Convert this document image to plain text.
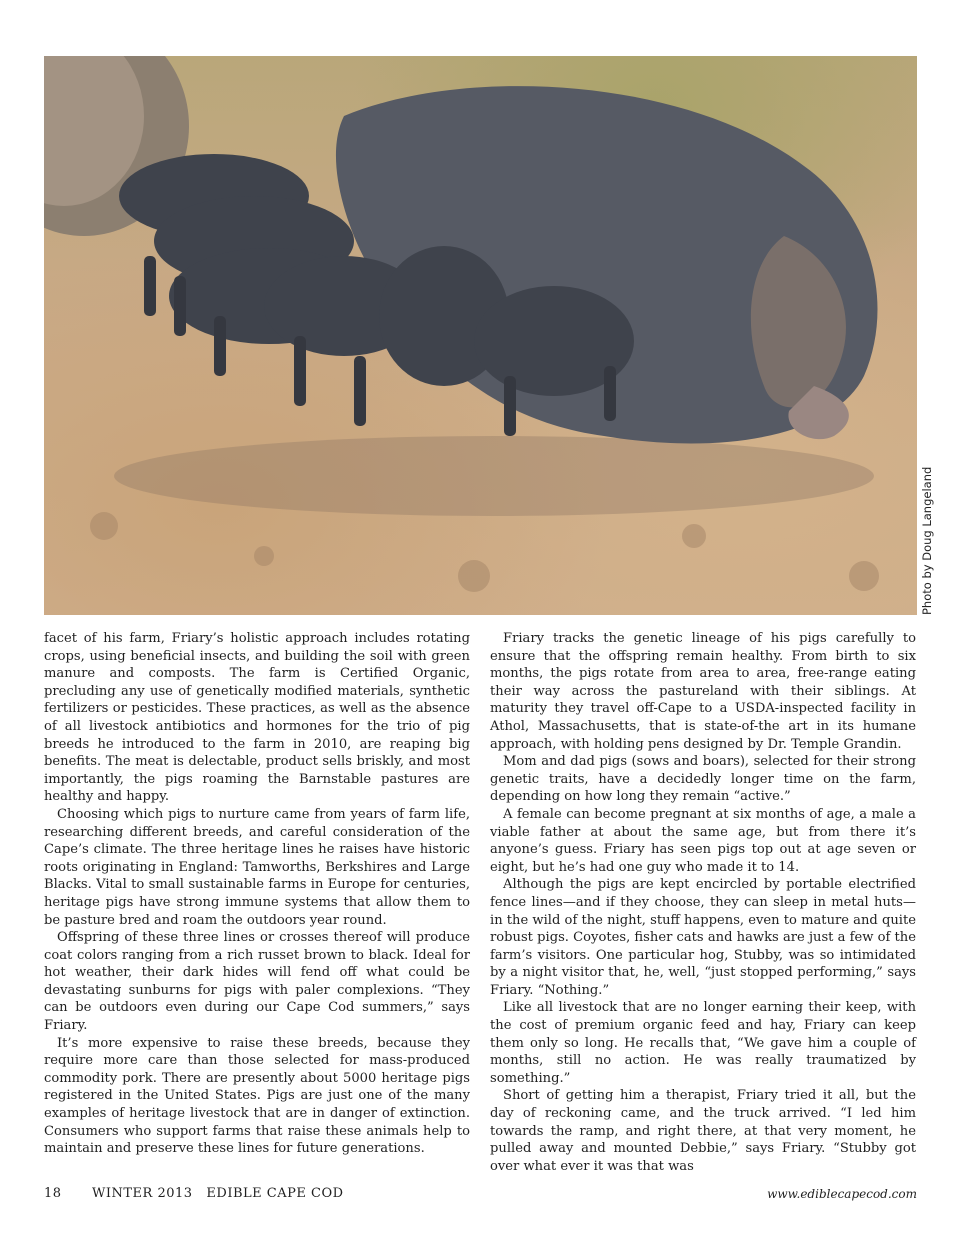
Photo by Doug Langeland

facet of his farm, Friary’s holistic approach includes rotating crops, using beneficial insects, and building the soil with green manure and composts. The farm is Certified Organic, precluding any use of genetically modified materials, synthetic fertilizers or pesticides. These practices, as well as the absence of all livestock antibiotics and hormones for the trio of pig breeds he introduced to the farm in 2010, are reaping big benefits. The meat is delectable, product sells briskly, and most importantly, the pigs roaming the Barnstable pastures are healthy and happy.

Choosing which pigs to nurture came from years of farm life, researching different breeds, and careful consideration of the Cape’s climate. The three heritage lines he raises have historic roots originating in England: Tamworths, Berkshires and Large Blacks. Vital to small sustainable farms in Europe for centuries, heritage pigs have strong immune systems that allow them to be pasture bred and roam the outdoors year round.

Offspring of these three lines or crosses thereof will produce coat colors ranging from a rich russet brown to black. Ideal for hot weather, their dark hides will fend off what could be devastating sunburns for pigs with paler complexions. “They can be outdoors even during our Cape Cod summers,” says Friary.

It’s more expensive to raise these breeds, because they require more care than those selected for mass-produced commodity pork. There are presently about 5000 heritage pigs registered in the United States. Pigs are just one of the many examples of heritage livestock that are in danger of extinction. Consumers who support farms that raise these animals help to maintain and preserve these lines for future generations.

Friary tracks the genetic lineage of his pigs carefully to ensure that the offspring remain healthy. From birth to six months, the pigs rotate from area to area, free-range eating their way across the pastureland with their siblings. At maturity they travel off-Cape to a USDA-inspected facility in Athol, Massachusetts, that is state-of-the art in its humane approach, with holding pens designed by Dr. Temple Grandin.

Mom and dad pigs (sows and boars), selected for their strong genetic traits, have a decidedly longer time on the farm, depending on how long they remain “active.”

A female can become pregnant at six months of age, a male a viable father at about the same age, but from there it’s anyone’s guess. Friary has seen pigs top out at age seven or eight, but he’s had one guy who made it to 14.

Although the pigs are kept encircled by portable electrified fence lines—and if they choose, they can sleep in metal huts—in the wild of the night, stuff happens, even to mature and quite robust pigs. Coyotes, fisher cats and hawks are just a few of the farm’s visitors. One particular hog, Stubby, was so intimidated by a night visitor that, he, well, “just stopped performing,” says Friary. “Nothing.”

Like all livestock that are no longer earning their keep, with the cost of premium organic feed and hay, Friary can keep them only so long. He recalls that, “We gave him a couple of months, still no action. He was really traumatized by something.”

Short of getting him a therapist, Friary tried it all, but the day of reckoning came, and the truck arrived. “I led him towards the ramp, and right there, at that very moment, he pulled away and mounted Debbie,” says Friary. “Stubby got over what ever it was that was

18 WINTER 2013   EDIBLE CAPE COD	www.ediblecapecod.com
